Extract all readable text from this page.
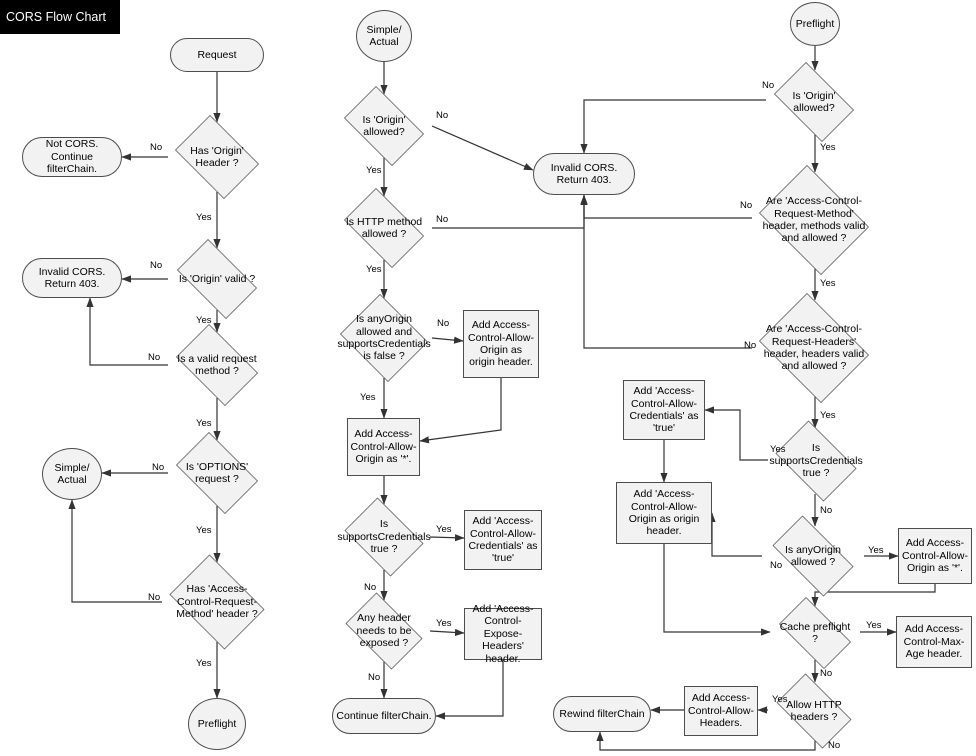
CORS Flow Chart
Request
Has 'Origin' Header ?
Not CORS. Continue filterChain.
Is 'Origin' valid ?
Invalid CORS. Return 403.
Is a valid request method ?
Is 'OPTIONS' request ?
Simple/ Actual
Has 'Access-Control-Request-Method' header ?
Preflight
Simple/ Actual
Is 'Origin' allowed?
Invalid CORS. Return 403.
Is HTTP method allowed ?
Is anyOrigin allowed and supportsCredentials is false ?
Add Access-Control-Allow-Origin as origin header.
Add Access-Control-Allow-Origin as '*'.
Is supportsCredentials true ?
Add 'Access-Control-Allow-Credentials' as 'true'
Any header needs to be exposed ?
Add 'Access-Control-Expose-Headers' header.
Continue filterChain.
Preflight
Is 'Origin' allowed?
Are 'Access-Control-Request-Method' header, methods valid and allowed ?
Are 'Access-Control-Request-Headers' header, headers valid and allowed ?
Is supportsCredentials true ?
Add 'Access-Control-Allow-Credentials' as 'true'
Add 'Access-Control-Allow-Origin as origin header.
Is anyOrigin allowed ?
Add Access-Control-Allow-Origin as '*'.
Cache preflight ?
Add Access-Control-Max-Age header.
Allow HTTP headers ?
Add Access-Control-Allow-Headers.
Rewind filterChain
No
Yes
No
Yes
No
Yes
No
Yes
No
Yes
No
Yes
No
Yes
No
Yes
Yes
No
Yes
No
No
Yes
No
Yes
No
Yes
Yes
No
No
Yes
Yes
No
Yes
No
